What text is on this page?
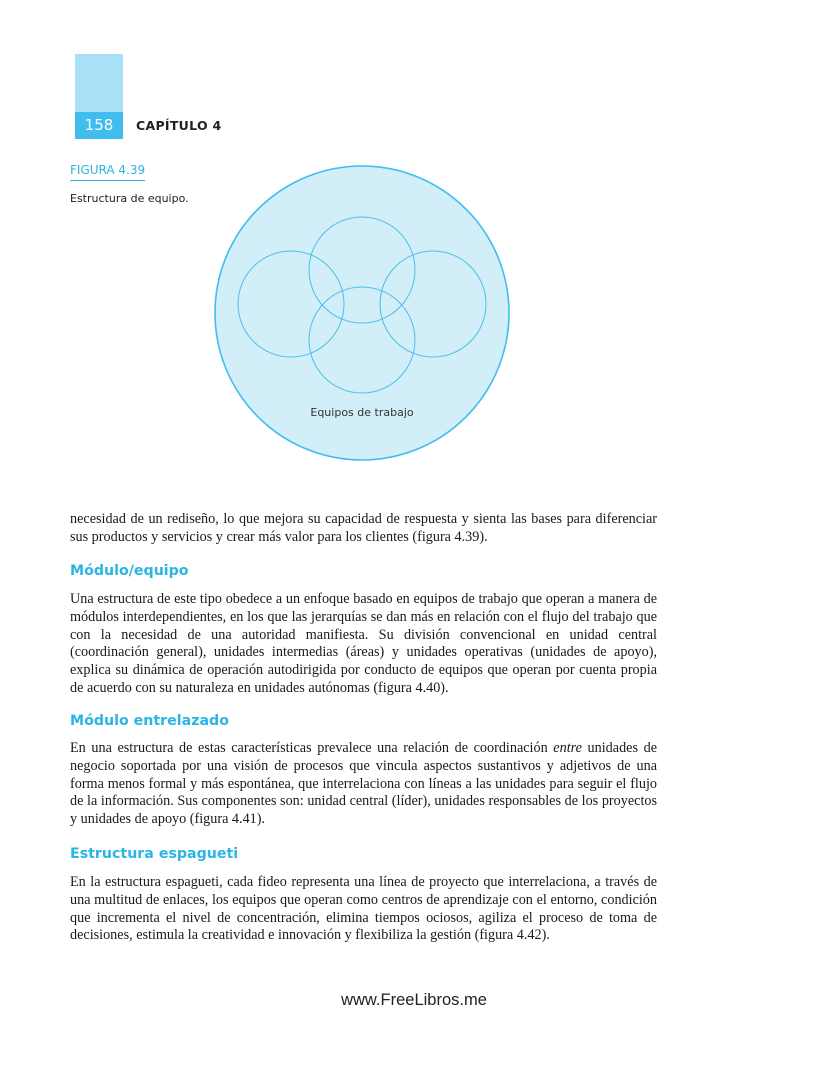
158	CAPÍTULO 4
FIGURA 4.39
Estructura de equipo.
Equipos de trabajo

necesidad de un rediseño, lo que mejora su capacidad de respuesta y sienta las bases para diferenciar sus productos y servicios y crear más valor para los clientes (figura 4.39).

Módulo/equipo

Una estructura de este tipo obedece a un enfoque basado en equipos de trabajo que operan a manera de módulos interdependientes, en los que las jerarquías se dan más en relación con el flujo del trabajo que con la necesidad de una autoridad manifiesta. Su división convencional en unidad central (coordinación general), unidades intermedias (áreas) y unidades operativas (unidades de apoyo), explica su dinámica de operación autodirigida por conducto de equipos que operan por cuenta propia de acuerdo con su naturaleza en unidades autónomas (figura 4.40).

Módulo entrelazado

En una estructura de estas características prevalece una relación de coordinación entre unidades de negocio soportada por una visión de procesos que vincula aspectos sustantivos y adjetivos de una forma menos formal y más espontánea, que interrelaciona con líneas a las unidades para seguir el flujo de la información. Sus componentes son: unidad central (líder), unidades responsables de los proyectos y unidades de apoyo (figura 4.41).

Estructura espagueti

En la estructura espagueti, cada fideo representa una línea de proyecto que interrelaciona, a través de una multitud de enlaces, los equipos que operan como centros de aprendizaje con el entorno, condición que incrementa el nivel de concentración, elimina tiempos ociosos, agiliza el proceso de toma de decisiones, estimula la creatividad e innovación y flexibiliza la gestión (figura 4.42).

www.FreeLibros.me
